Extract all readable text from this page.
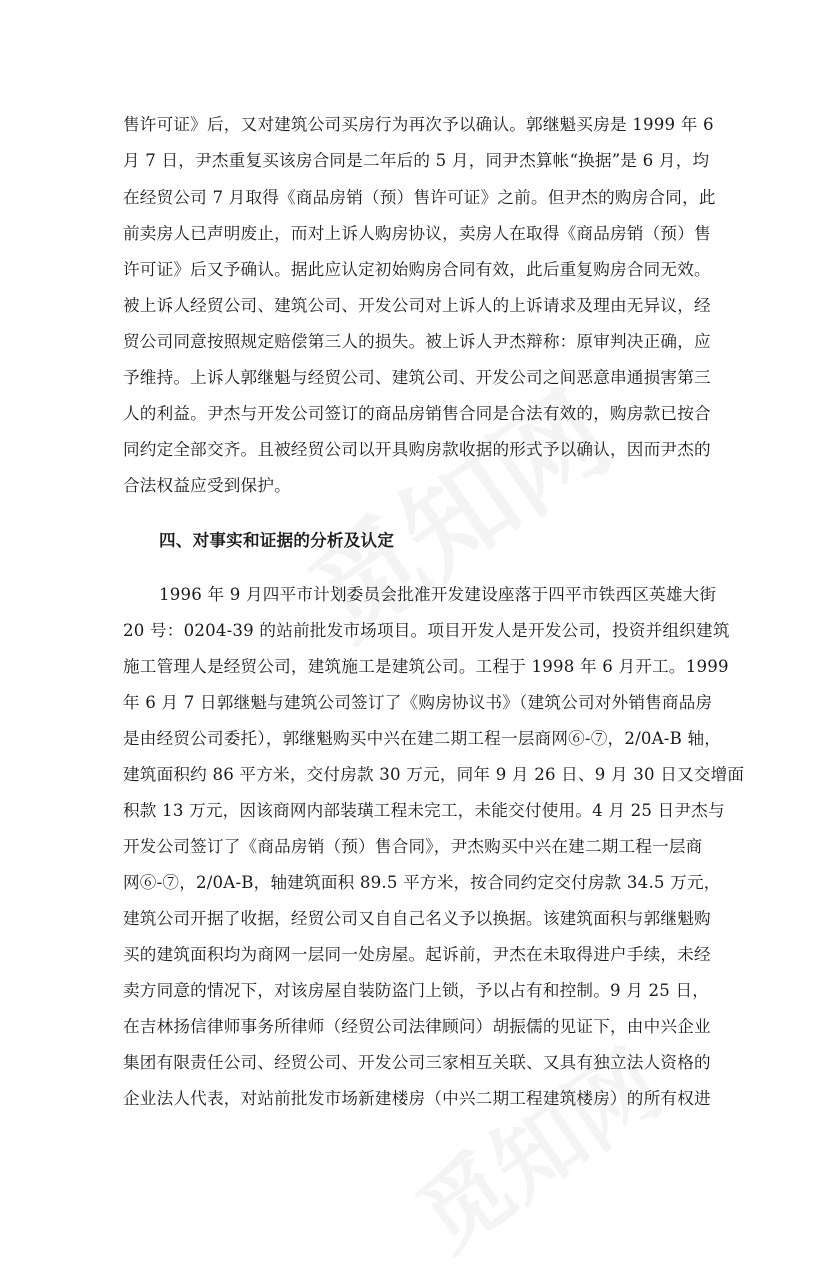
售许可证》后，又对建筑公司买房行为再次予以确认。郭继魁买房是 1999 年 6
月 7 日，尹杰重复买该房合同是二年后的 5 月，同尹杰算帐“换据”是 6 月，均
在经贸公司 7 月取得《商品房销（预）售许可证》之前。但尹杰的购房合同，此
前卖房人已声明废止，而对上诉人购房协议，卖房人在取得《商品房销（预）售
许可证》后又予确认。据此应认定初始购房合同有效，此后重复购房合同无效。
被上诉人经贸公司、建筑公司、开发公司对上诉人的上诉请求及理由无异议，经
贸公司同意按照规定赔偿第三人的损失。被上诉人尹杰辩称：原审判决正确，应
予维持。上诉人郭继魁与经贸公司、建筑公司、开发公司之间恶意串通损害第三
人的利益。尹杰与开发公司签订的商品房销售合同是合法有效的，购房款已按合
同约定全部交齐。且被经贸公司以开具购房款收据的形式予以确认，因而尹杰的
合法权益应受到保护。
四、对事实和证据的分析及认定
1996 年 9 月四平市计划委员会批准开发建设座落于四平市铁西区英雄大街
20 号：0204-39 的站前批发市场项目。项目开发人是开发公司，投资并组织建筑
施工管理人是经贸公司，建筑施工是建筑公司。工程于 1998 年 6 月开工。1999
年 6 月 7 日郭继魁与建筑公司签订了《购房协议书》（建筑公司对外销售商品房
是由经贸公司委托），郭继魁购买中兴在建二期工程一层商网⑥-⑦，2/0A-B 轴，
建筑面积约 86 平方米，交付房款 30 万元，同年 9 月 26 日、9 月 30 日又交增面
积款 13 万元，因该商网内部装璜工程未完工，未能交付使用。4 月 25 日尹杰与
开发公司签订了《商品房销（预）售合同》，尹杰购买中兴在建二期工程一层商
网⑥-⑦，2/0A-B，轴建筑面积 89.5 平方米，按合同约定交付房款 34.5 万元，
建筑公司开据了收据，经贸公司又自自己名义予以换据。该建筑面积与郭继魁购
买的建筑面积均为商网一层同一处房屋。起诉前，尹杰在未取得进户手续，未经
卖方同意的情况下，对该房屋自装防盗门上锁，予以占有和控制。9 月 25 日，
在吉林扬信律师事务所律师（经贸公司法律顾问）胡振儒的见证下，由中兴企业
集团有限责任公司、经贸公司、开发公司三家相互关联、又具有独立法人资格的
企业法人代表，对站前批发市场新建楼房（中兴二期工程建筑楼房）的所有权进
